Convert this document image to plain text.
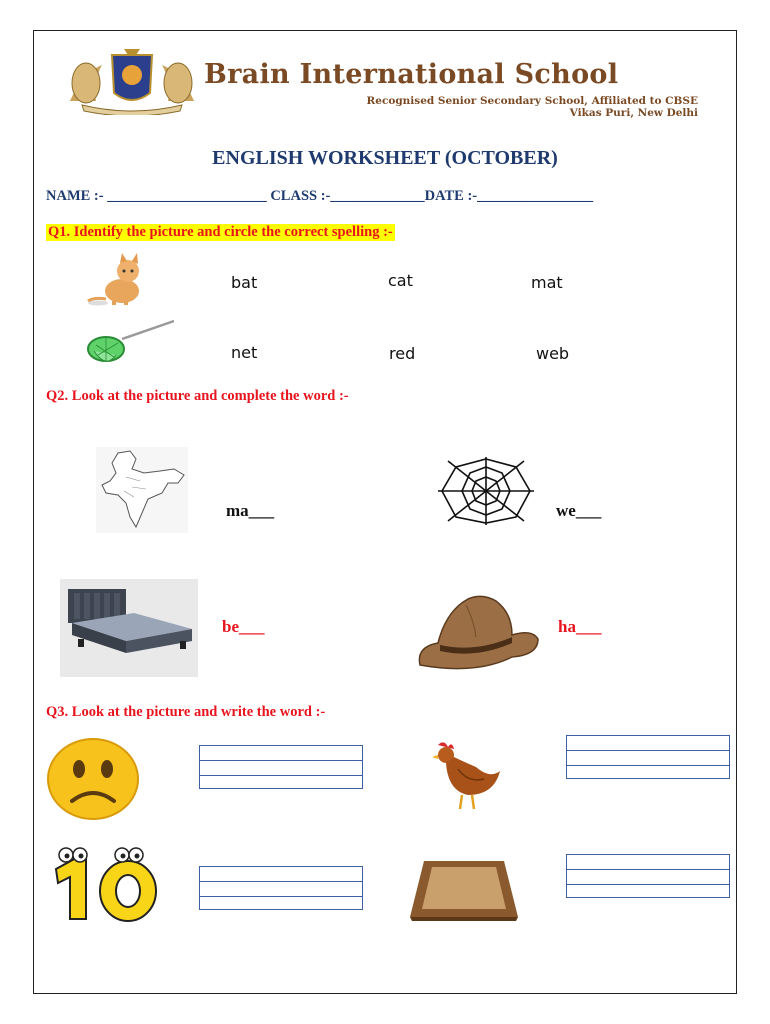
Brain International School
Recognised Senior Secondary School, Affiliated to CBSE
Vikas Puri, New Delhi
ENGLISH WORKSHEET (OCTOBER)
NAME :- ______________________ CLASS :-_____________DATE :-________________
Q1. Identify the picture and circle the correct spelling :-
bat	cat	mat
net	red	web
Q2. Look at the picture and complete the word :-
ma___	we___
be___	ha___
Q3. Look at the picture and write the word :-
